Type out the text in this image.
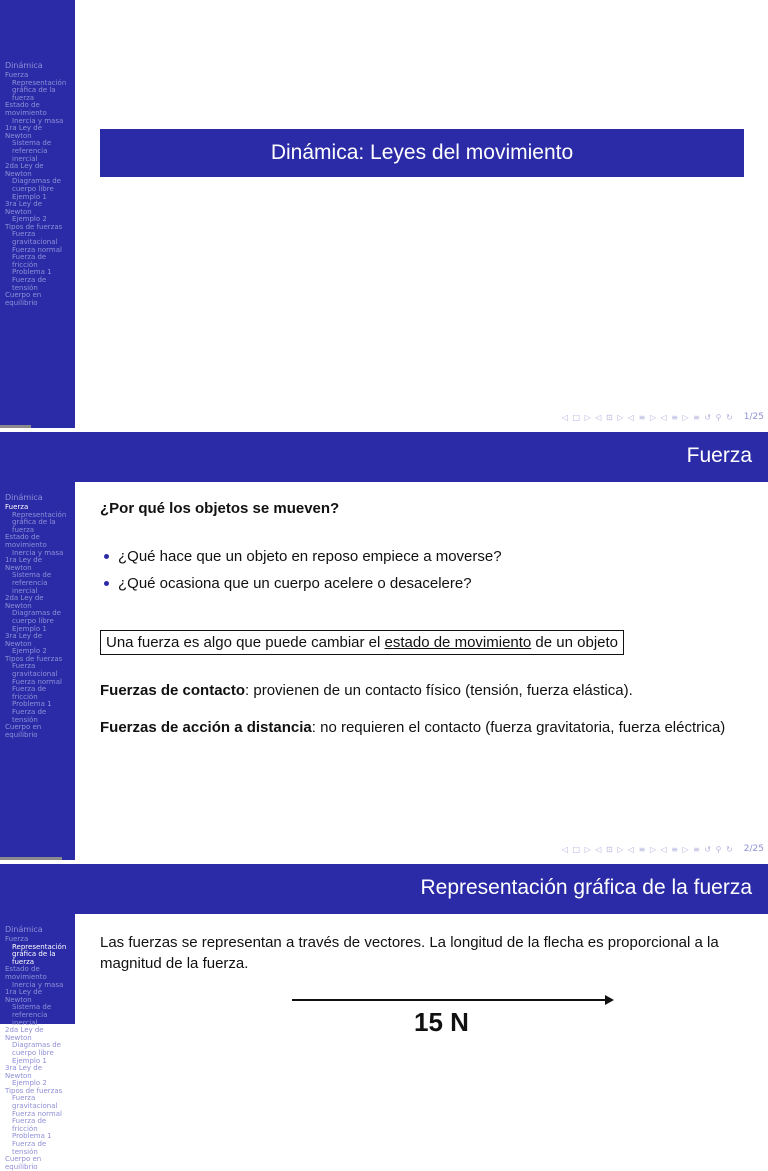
Dinámica
Fuerza
Representación
gráfica de la
fuerza
Estado de
movimiento
Inercia y masa
1ra Ley de
Newton
Sistema de
referencia
inercial
2da Ley de
Newton
Diagramas de
cuerpo libre
Ejemplo 1
3ra Ley de
Newton
Ejemplo 2
Tipos de fuerzas
Fuerza
gravitacional
Fuerza normal
Fuerza de
fricción
Problema 1
Fuerza de
tensión
Cuerpo en
equilibrio
Dinámica: Leyes del movimiento
◁ □ ▷ ◁ ⊡ ▷ ◁ ≡ ▷ ◁ ≡ ▷ ≡ ↺ ⚲ ↻ 1/25
Fuerza
Dinámica
Fuerza
Representación
gráfica de la
fuerza
Estado de
movimiento
Inercia y masa
1ra Ley de
Newton
Sistema de
referencia
inercial
2da Ley de
Newton
Diagramas de
cuerpo libre
Ejemplo 1
3ra Ley de
Newton
Ejemplo 2
Tipos de fuerzas
Fuerza
gravitacional
Fuerza normal
Fuerza de
fricción
Problema 1
Fuerza de
tensión
Cuerpo en
equilibrio
¿Por qué los objetos se mueven?
¿Qué hace que un objeto en reposo empiece a moverse?
¿Qué ocasiona que un cuerpo acelere o desacelere?
Una fuerza es algo que puede cambiar el estado de movimiento de un objeto
Fuerzas de contacto: provienen de un contacto físico (tensión, fuerza elástica).
Fuerzas de acción a distancia: no requieren el contacto (fuerza gravitatoria, fuerza eléctrica)
◁ □ ▷ ◁ ⊡ ▷ ◁ ≡ ▷ ◁ ≡ ▷ ≡ ↺ ⚲ ↻ 2/25
Representación gráfica de la fuerza
Dinámica
Fuerza
Representación
gráfica de la
fuerza
Estado de
movimiento
Inercia y masa
1ra Ley de
Newton
Sistema de
referencia
inercial
2da Ley de
Newton
Diagramas de
cuerpo libre
Ejemplo 1
3ra Ley de
Newton
Ejemplo 2
Tipos de fuerzas
Fuerza
gravitacional
Fuerza normal
Fuerza de
fricción
Problema 1
Fuerza de
tensión
Cuerpo en
equilibrio
Las fuerzas se representan a través de vectores. La longitud de la flecha es proporcional a la magnitud de la fuerza.
15 N
